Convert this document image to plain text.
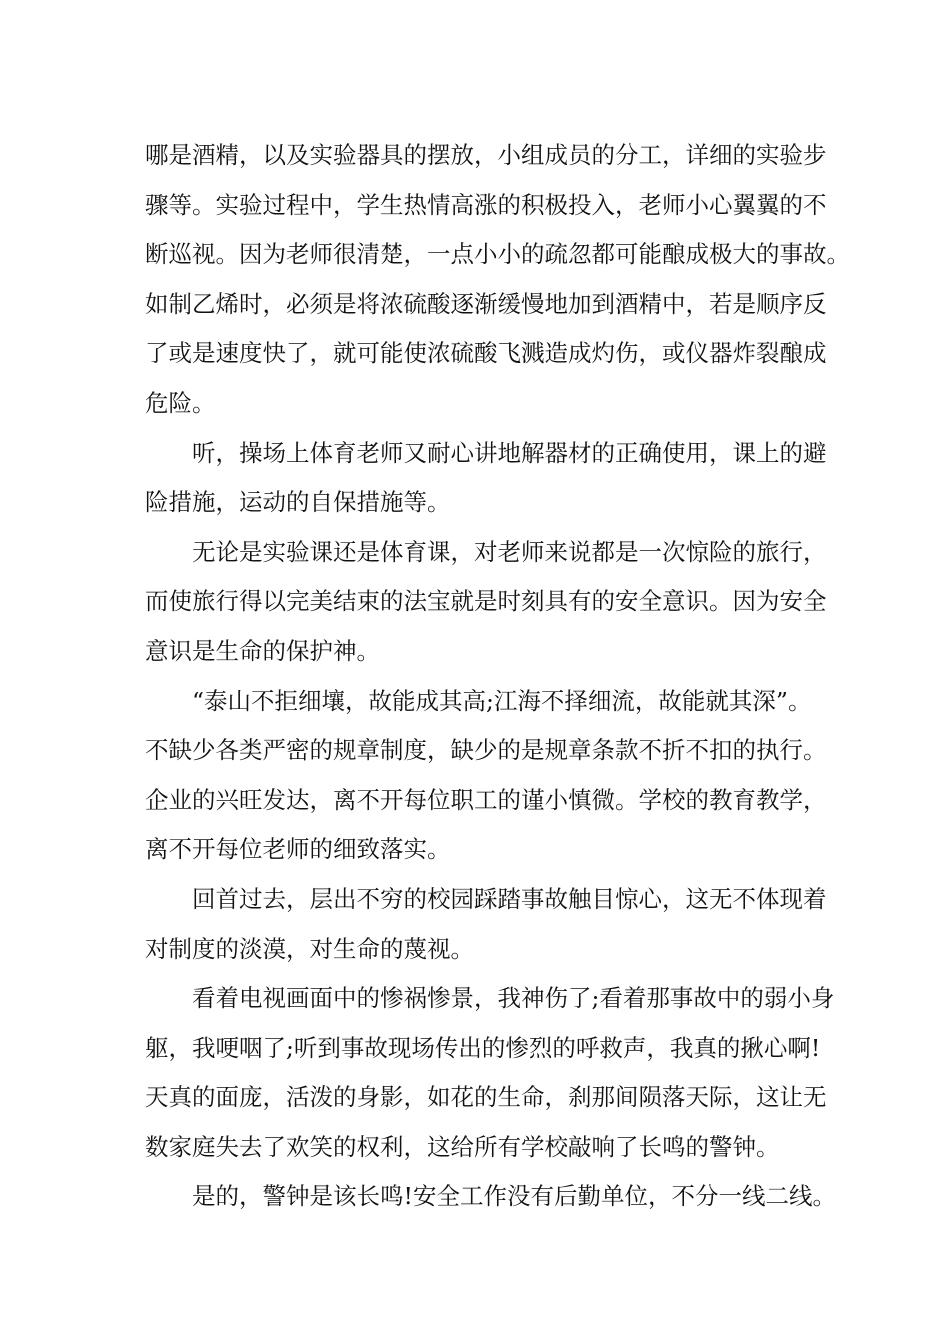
哪是酒精，以及实验器具的摆放，小组成员的分工，详细的实验步
骤等。实验过程中，学生热情高涨的积极投入，老师小心翼翼的不
断巡视。因为老师很清楚，一点小小的疏忽都可能酿成极大的事故。
如制乙烯时，必须是将浓硫酸逐渐缓慢地加到酒精中，若是顺序反
了或是速度快了，就可能使浓硫酸飞溅造成灼伤，或仪器炸裂酿成
危险。
听，操场上体育老师又耐心讲地解器材的正确使用，课上的避
险措施，运动的自保措施等。
无论是实验课还是体育课，对老师来说都是一次惊险的旅行，
而使旅行得以完美结束的法宝就是时刻具有的安全意识。因为安全
意识是生命的保护神。
“泰山不拒细壤，故能成其高;江海不择细流，故能就其深”。
不缺少各类严密的规章制度，缺少的是规章条款不折不扣的执行。
企业的兴旺发达，离不开每位职工的谨小慎微。学校的教育教学，
离不开每位老师的细致落实。
回首过去，层出不穷的校园踩踏事故触目惊心，这无不体现着
对制度的淡漠，对生命的蔑视。
看着电视画面中的惨祸惨景，我神伤了;看着那事故中的弱小身
躯，我哽咽了;听到事故现场传出的惨烈的呼救声，我真的揪心啊!
天真的面庞，活泼的身影，如花的生命，刹那间陨落天际，这让无
数家庭失去了欢笑的权利，这给所有学校敲响了长鸣的警钟。
是的，警钟是该长鸣!安全工作没有后勤单位，不分一线二线。
